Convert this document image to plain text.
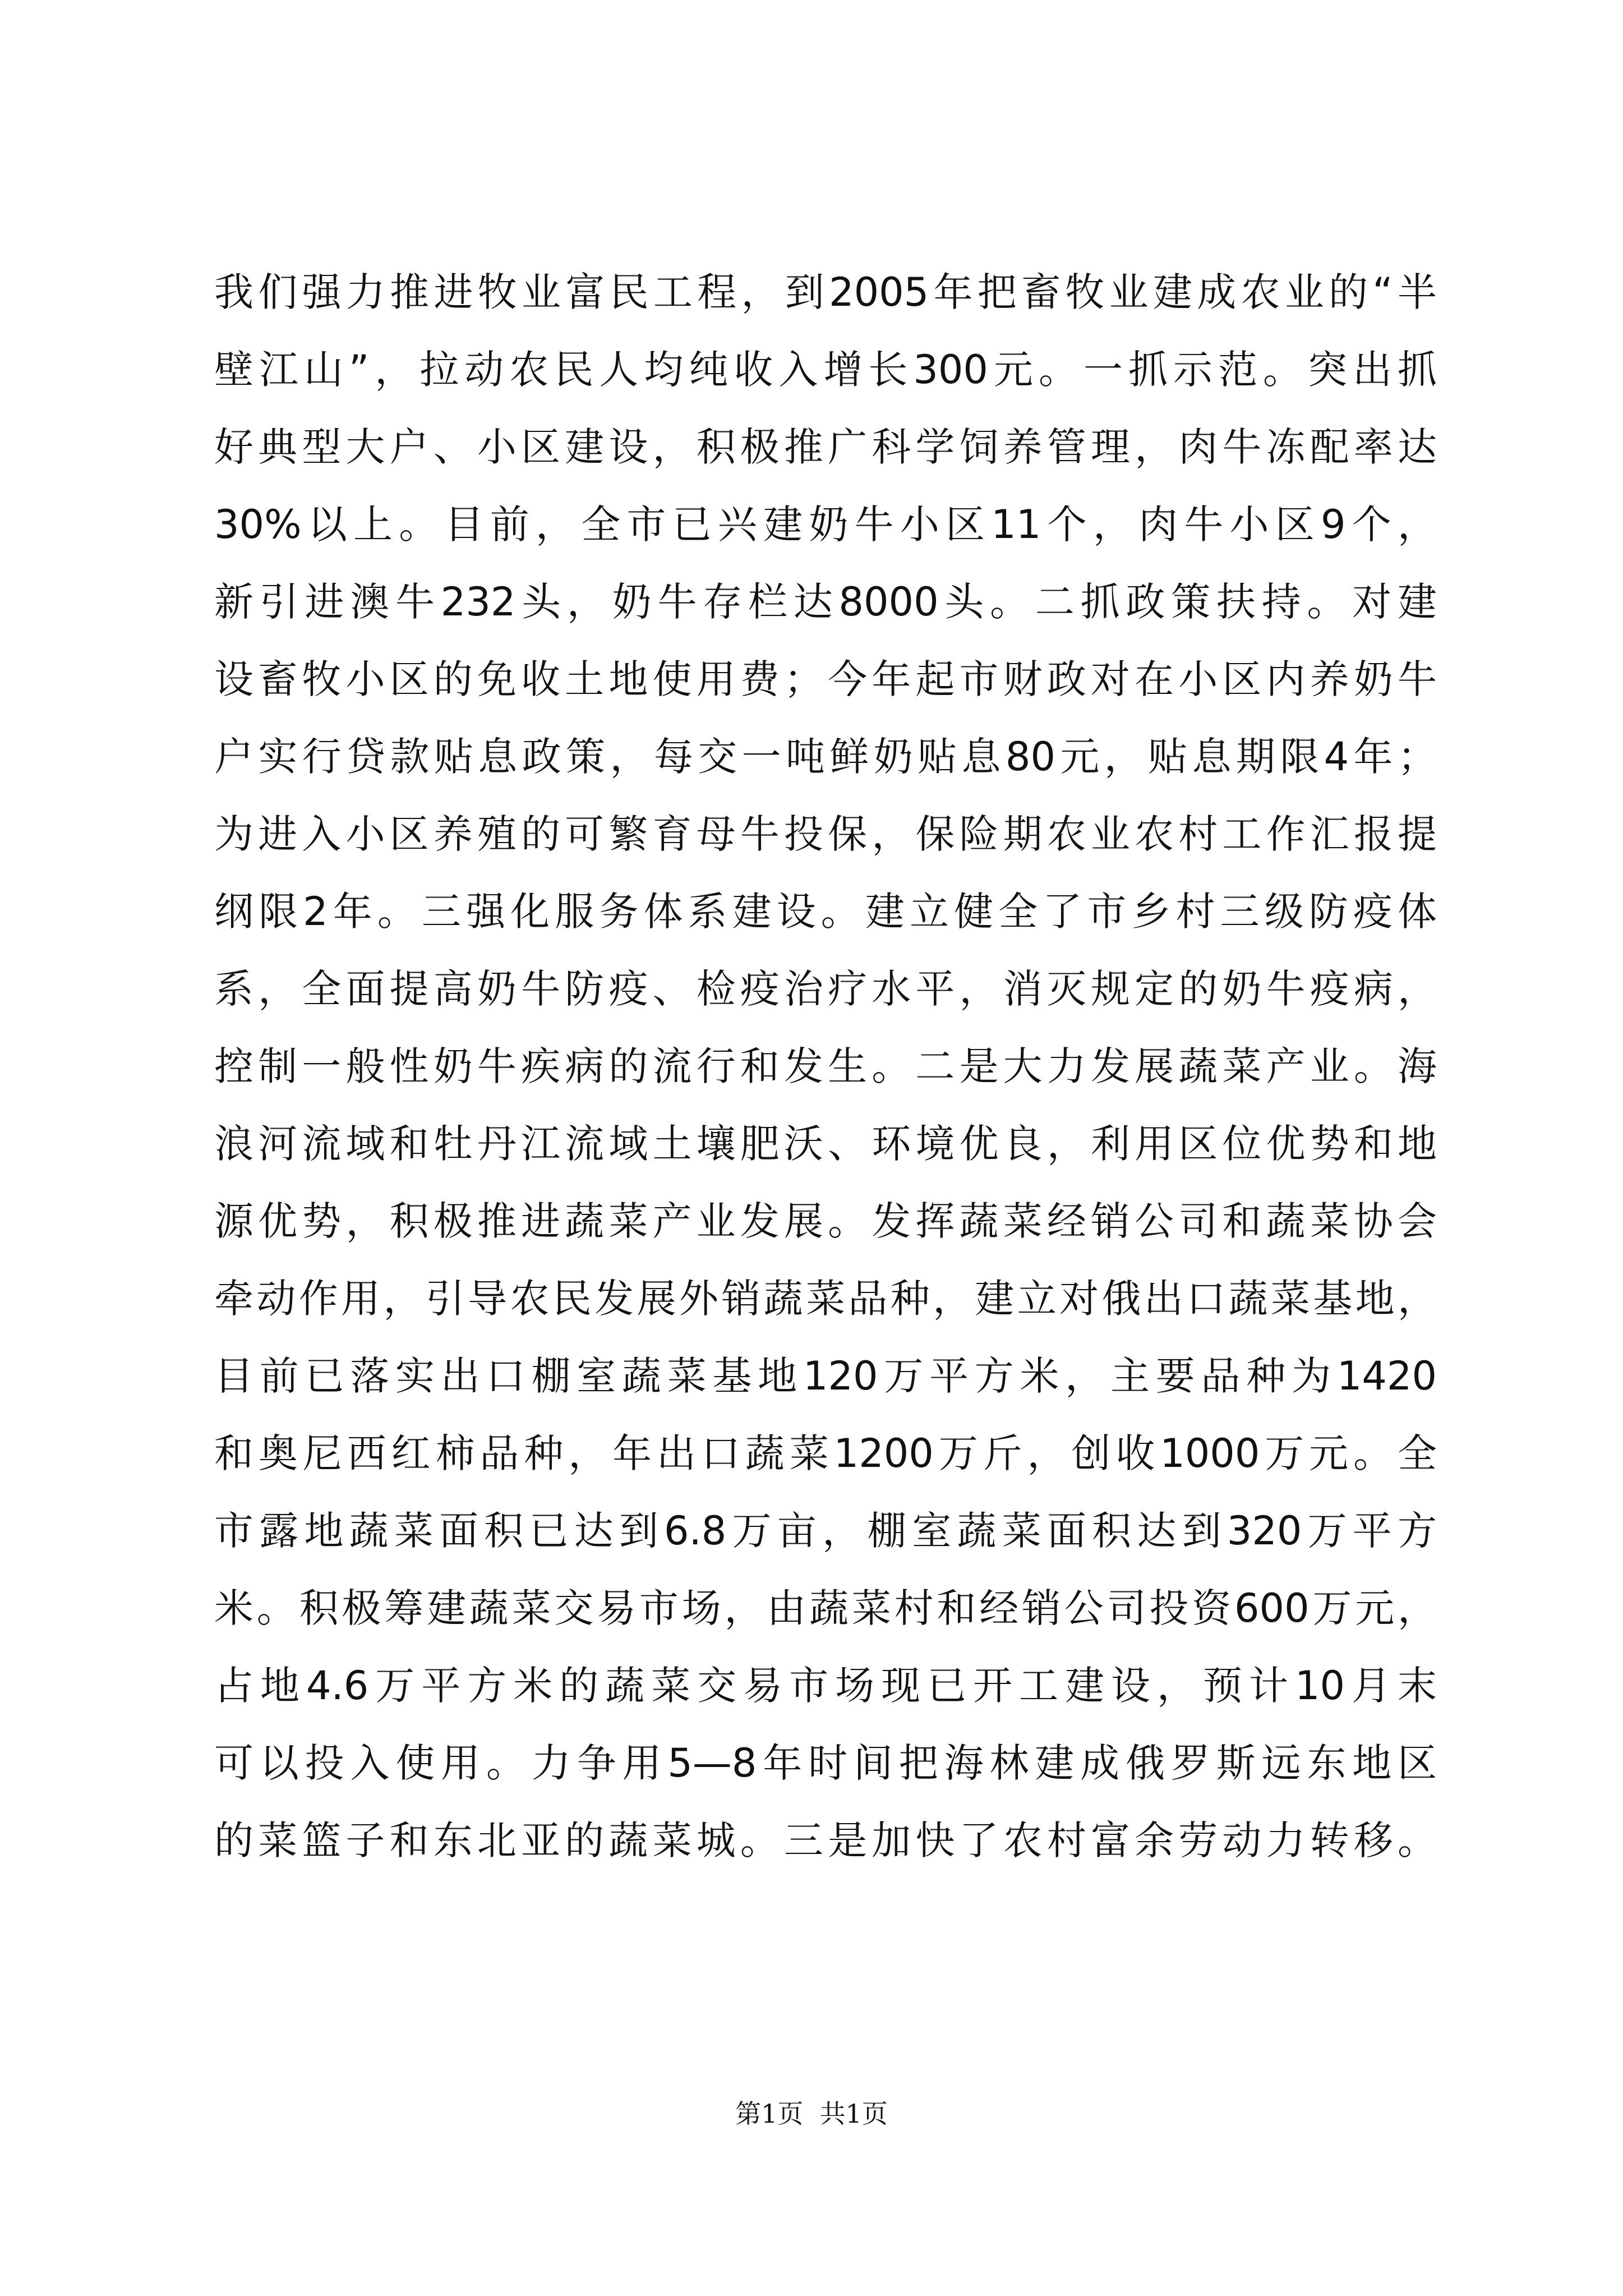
我们强力推进牧业富民工程，到2005年把畜牧业建成农业的“半
壁江山”，拉动农民人均纯收入增长300元。一抓示范。突出抓
好典型大户、小区建设，积极推广科学饲养管理，肉牛冻配率达
30%以上。目前，全市已兴建奶牛小区11个，肉牛小区9个，
新引进澳牛232头，奶牛存栏达8000头。二抓政策扶持。对建
设畜牧小区的免收土地使用费；今年起市财政对在小区内养奶牛
户实行贷款贴息政策，每交一吨鲜奶贴息80元，贴息期限4年；
为进入小区养殖的可繁育母牛投保，保险期农业农村工作汇报提
纲限2年。三强化服务体系建设。建立健全了市乡村三级防疫体
系，全面提高奶牛防疫、检疫治疗水平，消灭规定的奶牛疫病，
控制一般性奶牛疾病的流行和发生。二是大力发展蔬菜产业。海
浪河流域和牡丹江流域土壤肥沃、环境优良，利用区位优势和地
源优势，积极推进蔬菜产业发展。发挥蔬菜经销公司和蔬菜协会
牵动作用，引导农民发展外销蔬菜品种，建立对俄出口蔬菜基地，
目前已落实出口棚室蔬菜基地120万平方米，主要品种为1420
和奥尼西红柿品种，年出口蔬菜1200万斤，创收1000万元。全
市露地蔬菜面积已达到6.8万亩，棚室蔬菜面积达到320万平方
米。积极筹建蔬菜交易市场，由蔬菜村和经销公司投资600万元，
占地4.6万平方米的蔬菜交易市场现已开工建设，预计10月末
可以投入使用。力争用5—8年时间把海林建成俄罗斯远东地区
的菜篮子和东北亚的蔬菜城。三是加快了农村富余劳动力转移。
第1页  共1页
